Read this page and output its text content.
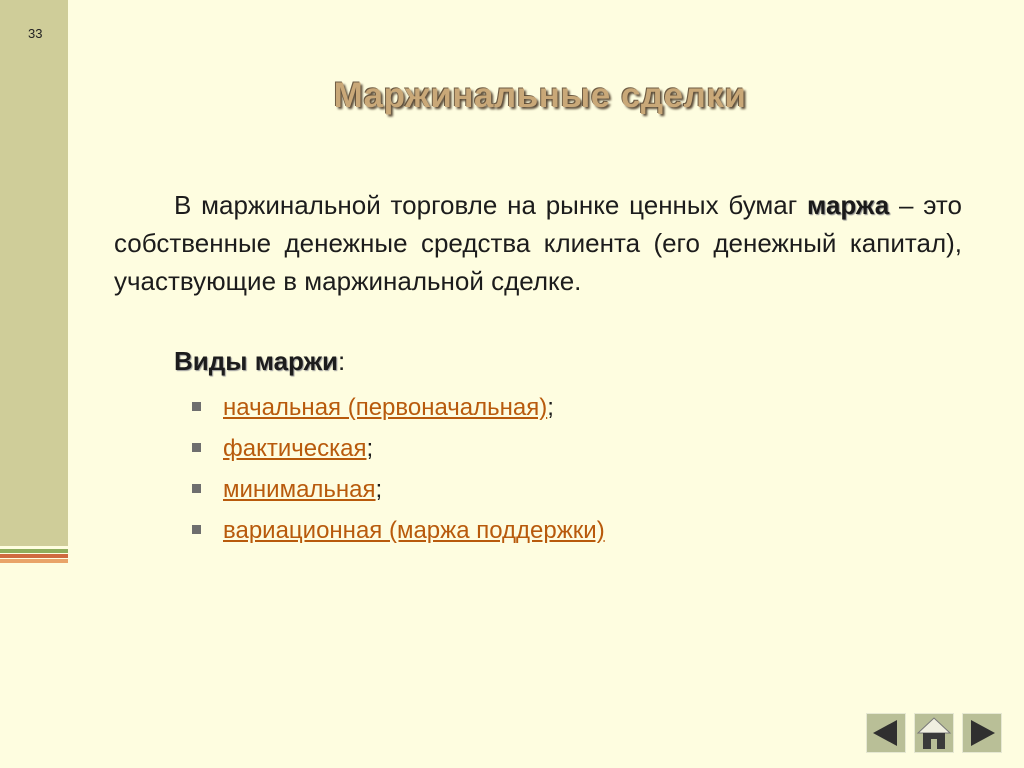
33
Маржинальные сделки
В маржинальной торговле на рынке ценных бумаг маржа – это собственные денежные средства клиента (его денежный капитал), участвующие в маржинальной сделке.
Виды маржи:
начальная (первоначальная);
фактическая;
минимальная;
вариационная (маржа поддержки)
